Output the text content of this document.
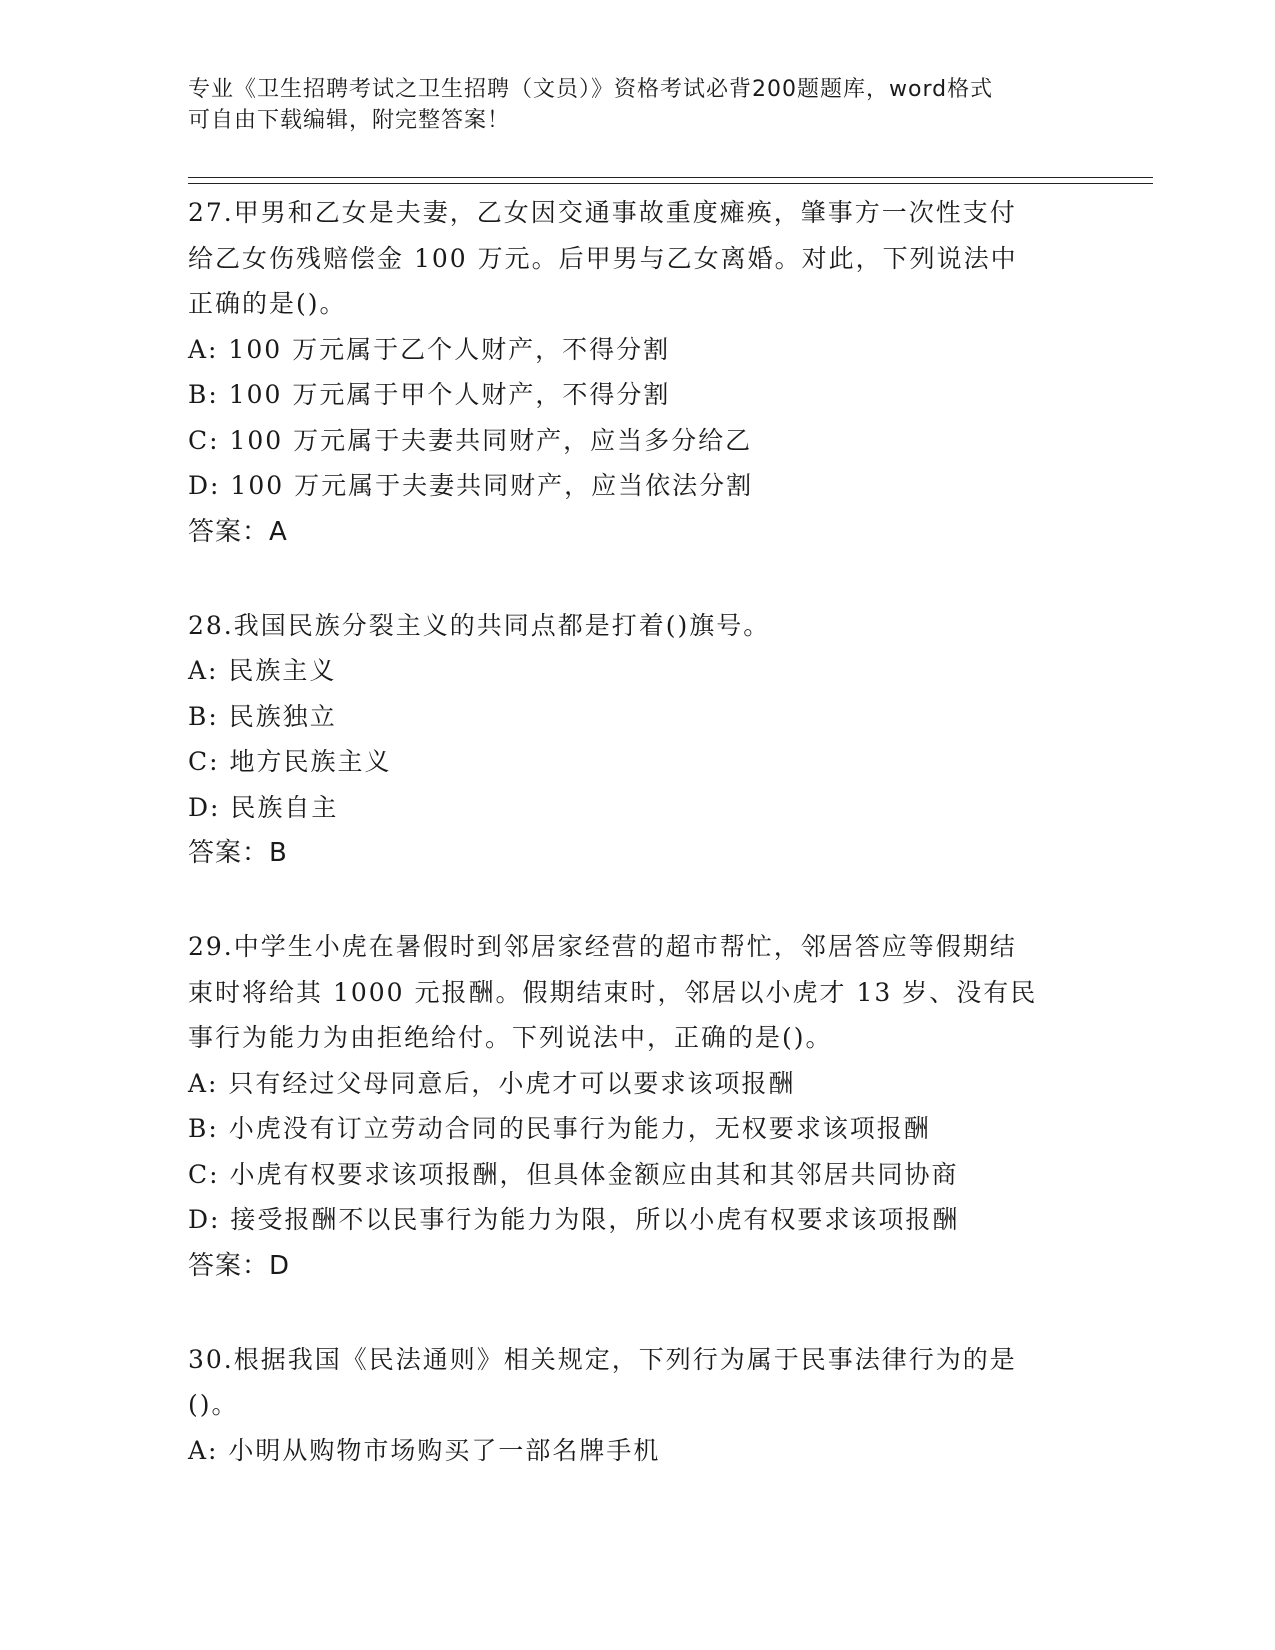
专业《卫生招聘考试之卫生招聘（文员）》资格考试必背200题题库，word格式
可自由下载编辑，附完整答案！
27.甲男和乙女是夫妻，乙女因交通事故重度瘫痪，肇事方一次性支付
给乙女伤残赔偿金 100 万元。后甲男与乙女离婚。对此，下列说法中
正确的是()。
A: 100 万元属于乙个人财产，不得分割
B: 100 万元属于甲个人财产，不得分割
C: 100 万元属于夫妻共同财产，应当多分给乙
D: 100 万元属于夫妻共同财产，应当依法分割
答案：A
28.我国民族分裂主义的共同点都是打着()旗号。
A: 民族主义
B: 民族独立
C: 地方民族主义
D: 民族自主
答案：B
29.中学生小虎在暑假时到邻居家经营的超市帮忙，邻居答应等假期结
束时将给其 1000 元报酬。假期结束时，邻居以小虎才 13 岁、没有民
事行为能力为由拒绝给付。下列说法中，正确的是()。
A: 只有经过父母同意后，小虎才可以要求该项报酬
B: 小虎没有订立劳动合同的民事行为能力，无权要求该项报酬
C: 小虎有权要求该项报酬，但具体金额应由其和其邻居共同协商
D: 接受报酬不以民事行为能力为限，所以小虎有权要求该项报酬
答案：D
30.根据我国《民法通则》相关规定，下列行为属于民事法律行为的是
()。
A: 小明从购物市场购买了一部名牌手机
